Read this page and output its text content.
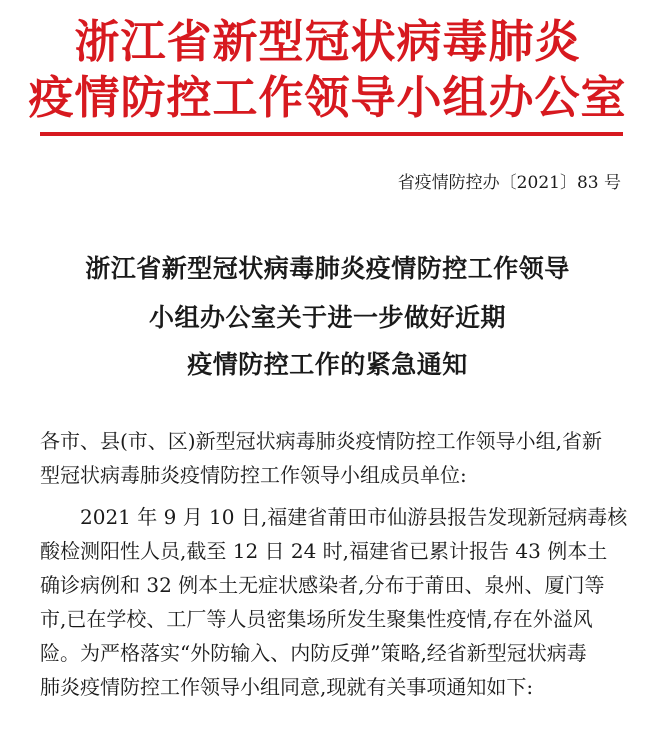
浙江省新型冠状病毒肺炎
疫情防控工作领导小组办公室
省疫情防控办〔2021〕83 号
浙江省新型冠状病毒肺炎疫情防控工作领导
小组办公室关于进一步做好近期
疫情防控工作的紧急通知
各市、县(市、区)新型冠状病毒肺炎疫情防控工作领导小组,省新
型冠状病毒肺炎疫情防控工作领导小组成员单位:
2021 年 9 月 10 日,福建省莆田市仙游县报告发现新冠病毒核
酸检测阳性人员,截至 12 日 24 时,福建省已累计报告 43 例本土
确诊病例和 32 例本土无症状感染者,分布于莆田、泉州、厦门等
市,已在学校、工厂等人员密集场所发生聚集性疫情,存在外溢风
险。为严格落实“外防输入、内防反弹”策略,经省新型冠状病毒
肺炎疫情防控工作领导小组同意,现就有关事项通知如下:
